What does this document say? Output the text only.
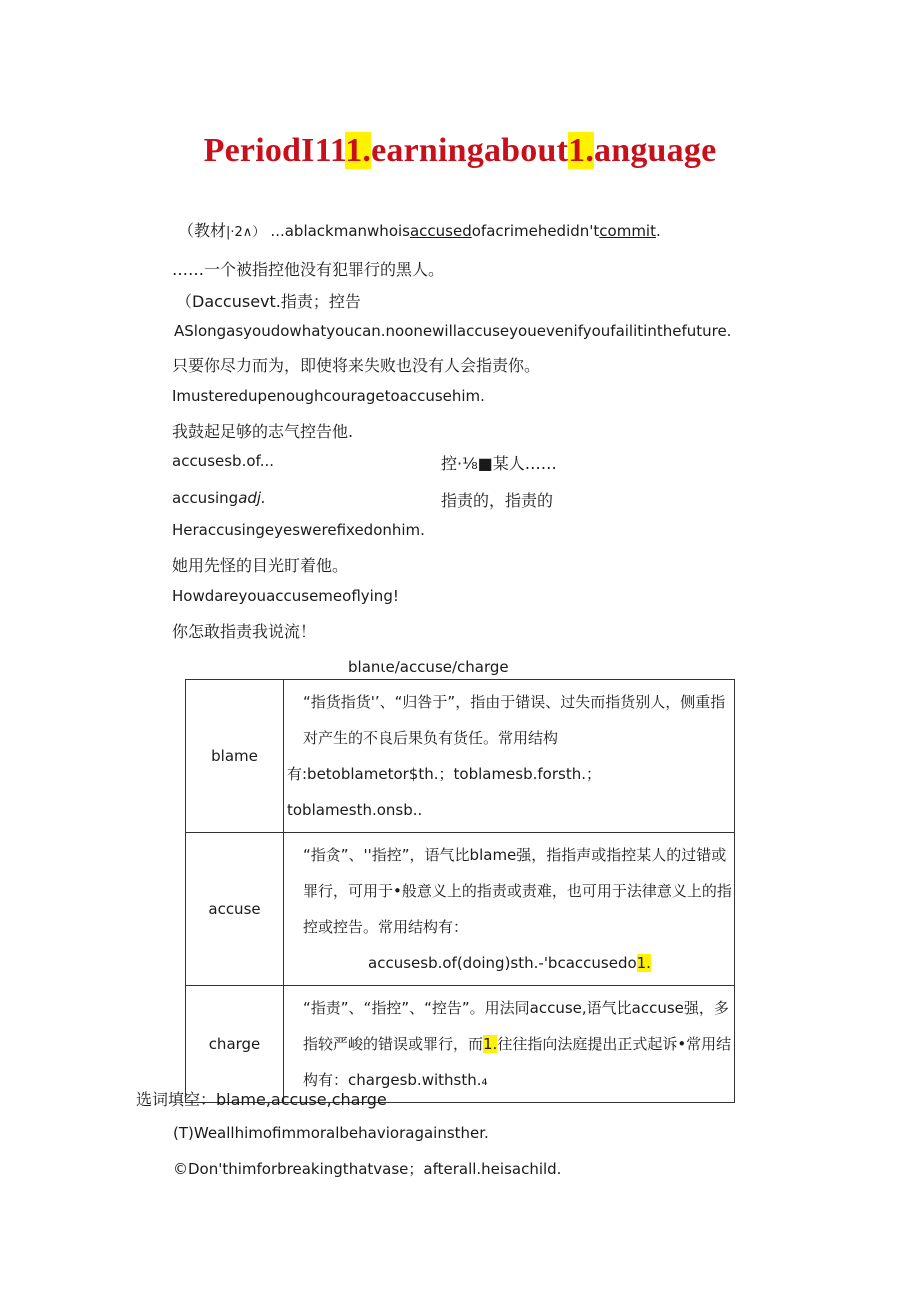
PeriodI111.earningabout1.anguage
（教材|·2∧） ...ablackmanwhoisaccusedofacrimehedidn'tcommit.
……一个被指控他没有犯罪行的黑人。
（Daccusevt.指责；控告
ASlongasyoudowhatyoucan.noonewillaccuseyouevenifyoufailitinthefuture.
只要你尽力而为，即使将来失败也没有人会指责你。
Imusteredupenoughcouragetoaccusehim.
我鼓起足够的志气控告他.
accusesb.of...	控·⅛■某人……
accusingadj.	指责的，指责的
Heraccusingeyeswerefixedonhim.
她用先怪的目光盯着他。
Howdareyouaccusemeoflying!
你怎敢指责我说流！
blanιe∕accuse∕charge
blame	“指货指货'’、“归咎于”，指由于错误、过失而指货别人，侧重指对产生的不良后果负有货任。常用结构
有:betoblametor$th.；toblamesb.forsth.；toblamesth.onsb..

accuse	“指贪”、''指控”，语气比blame强，指指声或指控某人的过错或罪行，可用于•般意义上的指责或责难，也可用于法律意义上的指控或控告。常用结构有：
accusesb.of(doing)sth.-'bcaccusedo1.

charge	“指责”、“指控”、“控告”。用法同accuse,语气比accuse强，多指较严峻的错误或罪行，而1.往往指向法庭提出正式起诉•常用结构有：chargesb.withsth.₄
选词填空：blame,accuse,charge
(T)Weallhimofimmoralbehavioragainsther.
©Don'thimforbreakingthatvase；afterall.heisachild.
